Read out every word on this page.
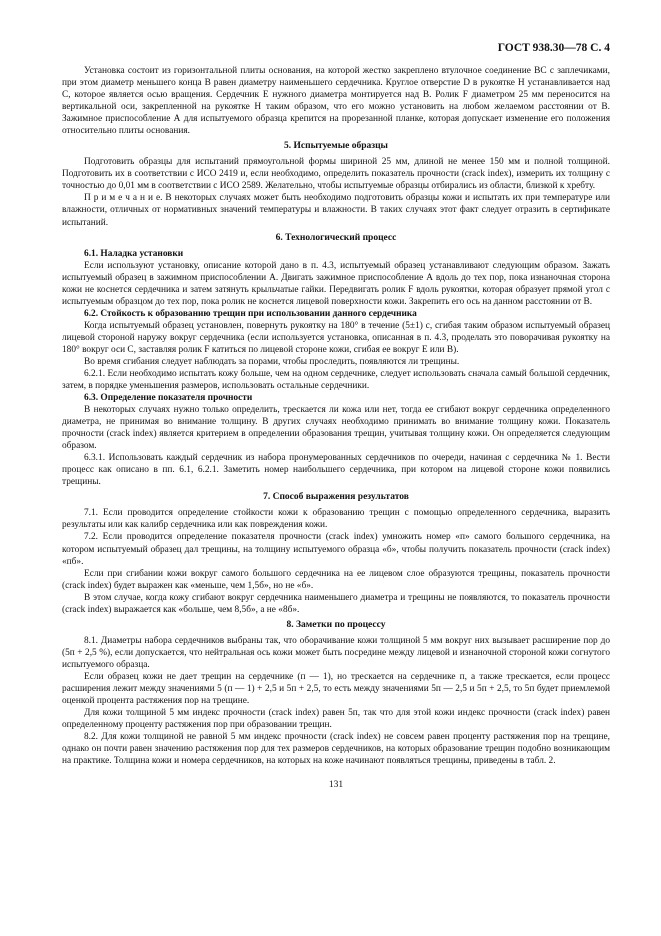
ГОСТ 938.30—78 С. 4

Установка состоит из горизонтальной плиты основания, на которой жестко закреплено втулочное соединение ВС с заплечиками, при этом диаметр меньшего конца В равен диаметру наименьшего сердечника. Круглое отверстие D в рукоятке Н устанавливается над С, которое является осью вращения. Сердечник Е нужного диаметра монтируется над В. Ролик F диаметром 25 мм переносится на вертикальной оси, закрепленной на рукоятке Н таким образом, что его можно установить на любом желаемом расстоянии от В. Зажимное приспособление А для испытуемого образца крепится на прорезанной планке, которая допускает изменение его положения относительно плиты основания.

5. Испытуемые образцы

Подготовить образцы для испытаний прямоугольной формы шириной 25 мм, длиной не менее 150 мм и полной толщиной. Подготовить их в соответствии с ИСО 2419 и, если необходимо, определить показатель прочности (crack index), измерить их толщину с точностью до 0,01 мм в соответствии с ИСО 2589. Желательно, чтобы испытуемые образцы отбирались из области, близкой к хребту.

П р и м е ч а н и е. В некоторых случаях может быть необходимо подготовить образцы кожи и испытать их при температуре или влажности, отличных от нормативных значений температуры и влажности. В таких случаях этот факт следует отразить в сертификате испытаний.

6. Технологический процесс
6.1. Наладка установки

Если используют установку, описание которой дано в п. 4.3, испытуемый образец устанавливают следующим образом. Зажать испытуемый образец в зажимном приспособлении А. Двигать зажимное приспособление А вдоль до тех пор, пока изнаночная сторона кожи не коснется сердечника и затем затянуть крыльчатые гайки. Передвигать ролик F вдоль рукоятки, которая образует прямой угол с испытуемым образцом до тех пор, пока ролик не коснется лицевой поверхности кожи. Закрепить его ось на данном расстоянии от В.

6.2. Стойкость к образованию трещин при использовании данного сердечника

Когда испытуемый образец установлен, повернуть рукоятку на 180° в течение (5±1) с, сгибая таким образом испытуемый образец лицевой стороной наружу вокруг сердечника (если используется установка, описанная в п. 4.3, проделать это поворачивая рукоятку на 180° вокруг оси С, заставляя ролик F катиться по лицевой стороне кожи, сгибая ее вокруг Е или В).

Во время сгибания следует наблюдать за порами, чтобы проследить, появляются ли трещины.

6.2.1. Если необходимо испытать кожу больше, чем на одном сердечнике, следует использовать сначала самый большой сердечник, затем, в порядке уменьшения размеров, использовать остальные сердечники.

6.3. Определение показателя прочности

В некоторых случаях нужно только определить, трескается ли кожа или нет, тогда ее сгибают вокруг сердечника определенного диаметра, не принимая во внимание толщину. В других случаях необходимо принимать во внимание толщину кожи. Показатель прочности (crack index) является критерием в определении образования трещин, учитывая толщину кожи. Он определяется следующим образом.

6.3.1. Использовать каждый сердечник из набора пронумерованных сердечников по очереди, начиная с сердечника № 1. Вести процесс как описано в пп. 6.1, 6.2.1. Заметить номер наибольшего сердечника, при котором на лицевой стороне кожи появились трещины.

7. Способ выражения результатов

7.1. Если проводится определение стойкости кожи к образованию трещин с помощью определенного сердечника, выразить результаты или как калибр сердечника или как повреждения кожи.

7.2. Если проводится определение показателя прочности (crack index) умножить номер «п» самого большого сердечника, на котором испытуемый образец дал трещины, на толщину испытуемого образца «б», чтобы получить показатель прочности (crack index) «пб».

Если при сгибании кожи вокруг самого большого сердечника на ее лицевом слое образуются трещины, показатель прочности (crack index) будет выражен как «меньше, чем 1,5б», но не «б».

В этом случае, когда кожу сгибают вокруг сердечника наименьшего диаметра и трещины не появляются, то показатель прочности (crack index) выражается как «больше, чем 8,5б», а не «8б».

8. Заметки по процессу

8.1. Диаметры набора сердечников выбраны так, что оборачивание кожи толщиной 5 мм вокруг них вызывает расширение пор до (5п + 2,5 %), если допускается, что нейтральная ось кожи может быть посредине между лицевой и изнаночной стороной кожи согнутого испытуемого образца.

Если образец кожи не дает трещин на сердечнике (п — 1), но трескается на сердечнике п, а также трескается, если процесс расширения лежит между значениями 5 (п — 1) + 2,5 и 5п + 2,5, то есть между значениями 5п — 2,5 и 5п + 2,5, то 5п будет приемлемой оценкой процента растяжения пор на трещине.

Для кожи толщиной 5 мм индекс прочности (crack index) равен 5п, так что для этой кожи индекс прочности (crack index) равен определенному проценту растяжения пор при образовании трещин.

8.2. Для кожи толщиной не равной 5 мм индекс прочности (crack index) не совсем равен проценту растяжения пор на трещине, однако он почти равен значению растяжения пор для тех размеров сердечников, на которых образование трещин подобно возникающим на практике. Толщина кожи и номера сердечников, на которых на коже начинают появляться трещины, приведены в табл. 2.

131
